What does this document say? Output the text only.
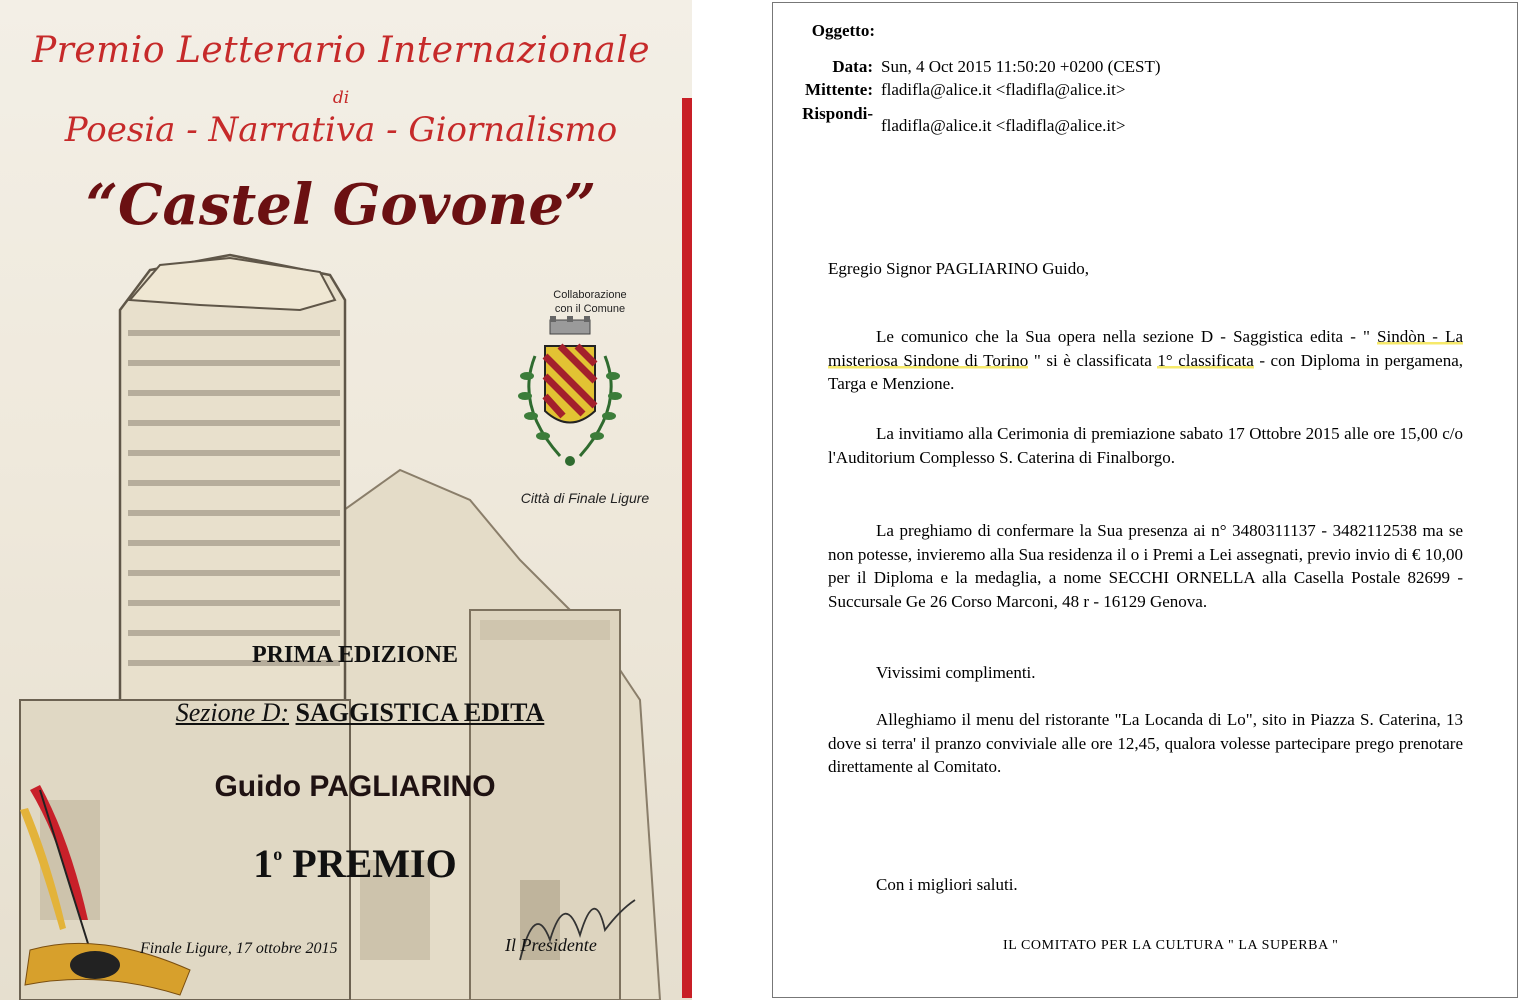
Premio Letterario Internazionale
di
Poesia - Narrativa - Giornalismo
“Castel Govone”
Collaborazione
con il Comune
Città di Finale Ligure
PRIMA EDIZIONE
Sezione D: SAGGISTICA EDITA
Guido PAGLIARINO
1$^o$ PREMIO
Finale Ligure, 17 ottobre 2015	Il Presidente
Oggetto:
Data: Sun, 4 Oct 2015 11:50:20 +0200 (CEST)
Mittente: fladifla@alice.it <fladifla@alice.it>
Rispondi-
fladifla@alice.it <fladifla@alice.it>
Egregio Signor PAGLIARINO Guido,
Le comunico che la Sua opera nella sezione D - Saggistica edita - " Sindòn - La misteriosa Sindone di Torino " si è classificata 1° classificata - con Diploma in pergamena, Targa e Menzione.
La invitiamo alla Cerimonia di premiazione sabato 17 Ottobre 2015 alle ore 15,00 c/o l'Auditorium Complesso S. Caterina di Finalborgo.
La preghiamo di confermare la Sua presenza ai n° 3480311137 - 3482112538 ma se non potesse, invieremo alla Sua residenza il o i Premi a Lei assegnati, previo invio di € 10,00 per il Diploma e la medaglia, a nome SECCHI ORNELLA alla Casella Postale 82699 - Succursale Ge 26 Corso Marconi, 48 r - 16129 Genova.
Vivissimi complimenti.
Alleghiamo il menu del ristorante "La Locanda di Lo", sito in Piazza S. Caterina, 13 dove si terra' il pranzo conviviale alle ore 12,45, qualora volesse partecipare prego prenotare direttamente al Comitato.
Con i migliori saluti.
IL COMITATO PER LA CULTURA " LA SUPERBA "
